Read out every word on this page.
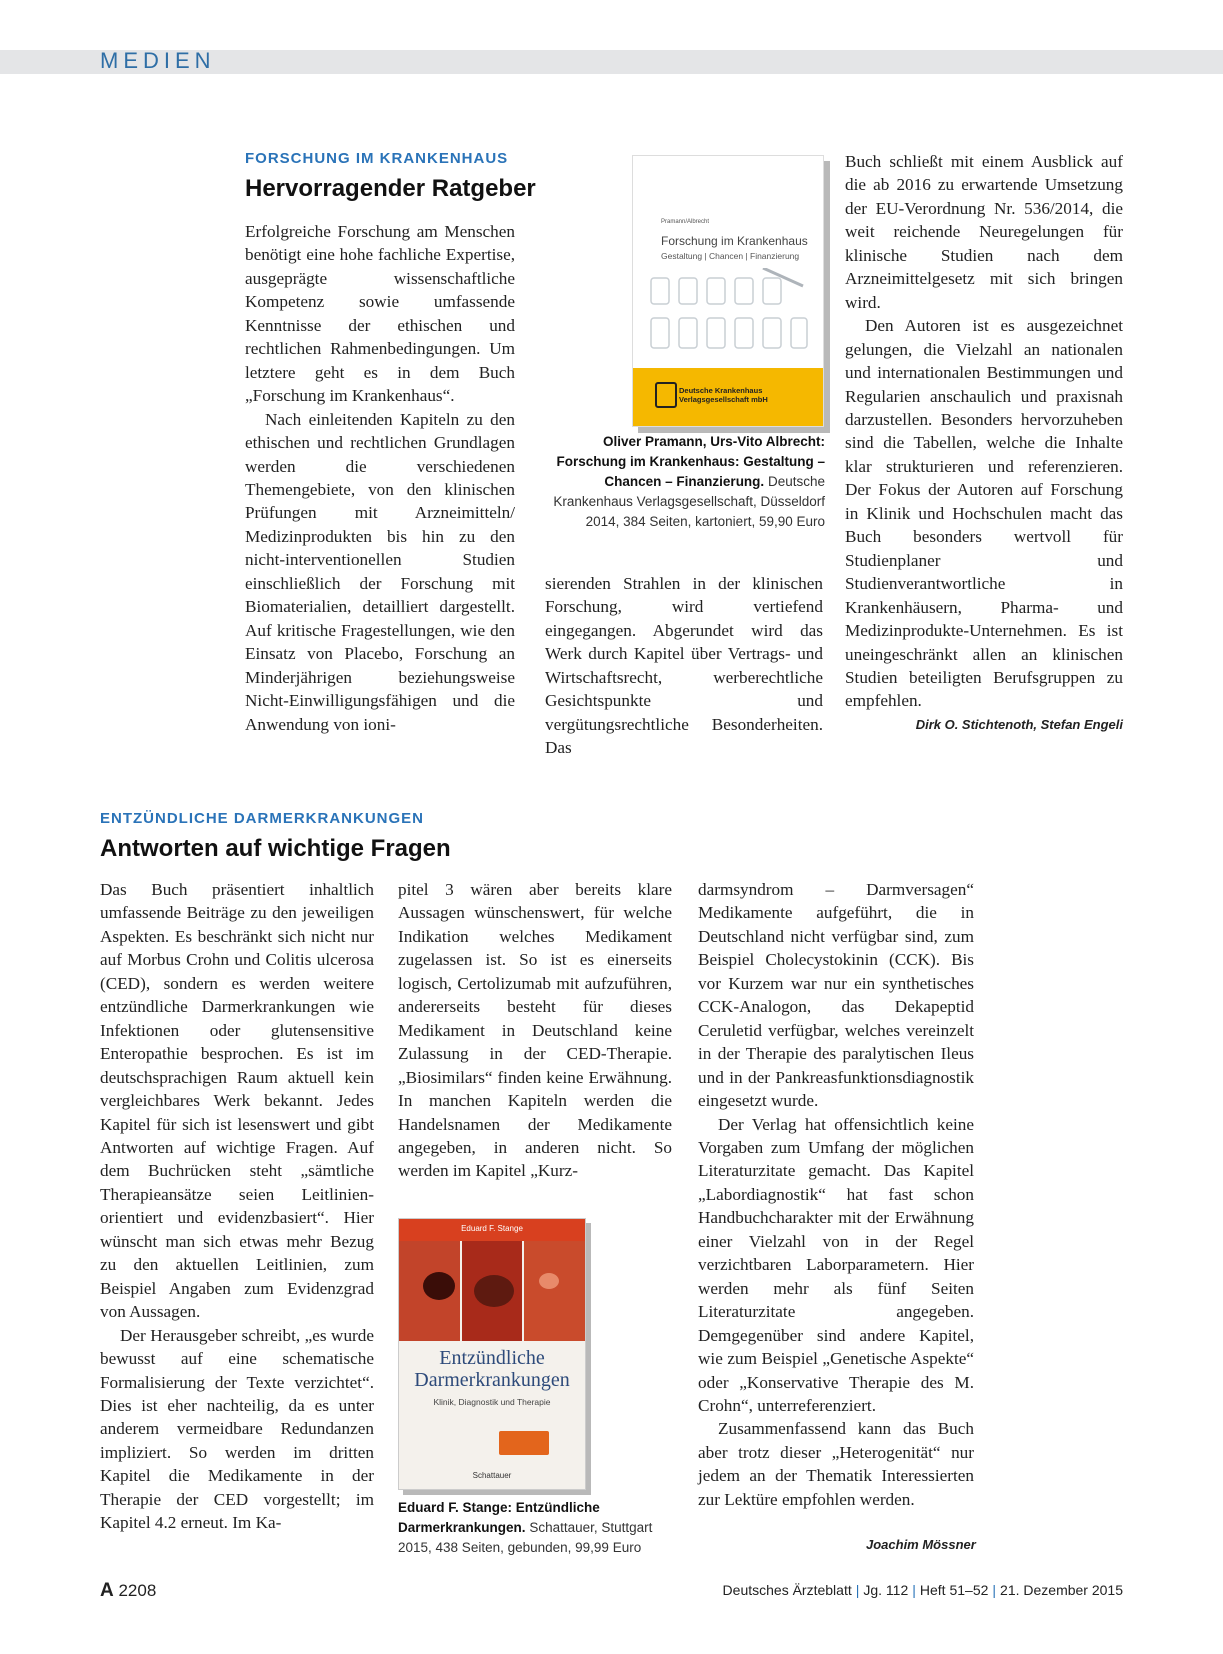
MEDIEN
FORSCHUNG IM KRANKENHAUS
Hervorragender Ratgeber

Erfolgreiche Forschung am Menschen benötigt eine hohe fachliche Expertise, ausgeprägte wissenschaftliche Kompetenz sowie umfassende Kenntnisse der ethischen und rechtlichen Rahmenbedingungen. Um letztere geht es in dem Buch „Forschung im Krankenhaus“.

Nach einleitenden Kapiteln zu den ethischen und rechtlichen Grundlagen werden die verschiedenen Themengebiete, von den klinischen Prüfungen mit Arzneimitteln/ Medizinprodukten bis hin zu den nicht-interventionellen Studien einschließlich der Forschung mit Biomaterialien, detailliert dargestellt. Auf kritische Fragestellungen, wie den Einsatz von Placebo, Forschung an Minderjährigen beziehungsweise Nicht-Einwilligungsfähigen und die Anwendung von ioni-

Pramann/Albrecht
Forschung im Krankenhaus
Gestaltung | Chancen | Finanzierung
Deutsche Krankenhaus Verlagsgesellschaft mbH
Oliver Pramann, Urs-Vito Albrecht: Forschung im Krankenhaus: Gestaltung – Chancen – Finanzierung. Deutsche Krankenhaus Verlagsgesellschaft, Düsseldorf 2014, 384 Seiten, kartoniert, 59,90 Euro

sierenden Strahlen in der klinischen Forschung, wird vertiefend eingegangen. Abgerundet wird das Werk durch Kapitel über Vertrags- und Wirtschaftsrecht, werberechtliche Gesichtspunkte und vergütungsrechtliche Besonderheiten. Das

Buch schließt mit einem Ausblick auf die ab 2016 zu erwartende Umsetzung der EU-Verordnung Nr. 536/2014, die weit reichende Neuregelungen für klinische Studien nach dem Arzneimittelgesetz mit sich bringen wird.

Den Autoren ist es ausgezeichnet gelungen, die Vielzahl an nationalen und internationalen Bestimmungen und Regularien anschaulich und praxisnah darzustellen. Besonders hervorzuheben sind die Tabellen, welche die Inhalte klar strukturieren und referenzieren. Der Fokus der Autoren auf Forschung in Klinik und Hochschulen macht das Buch besonders wertvoll für Studienplaner und Studienverantwortliche in Krankenhäusern, Pharma- und Medizinprodukte-Unternehmen. Es ist uneingeschränkt allen an klinischen Studien beteiligten Berufsgruppen zu empfehlen.

Dirk O. Stichtenoth, Stefan Engeli
ENTZÜNDLICHE DARMERKRANKUNGEN
Antworten auf wichtige Fragen

Das Buch präsentiert inhaltlich umfassende Beiträge zu den jeweiligen Aspekten. Es beschränkt sich nicht nur auf Morbus Crohn und Colitis ulcerosa (CED), sondern es werden weitere entzündliche Darmerkrankungen wie Infektionen oder glutensensitive Enteropathie besprochen. Es ist im deutschsprachigen Raum aktuell kein vergleichbares Werk bekannt. Jedes Kapitel für sich ist lesenswert und gibt Antworten auf wichtige Fragen. Auf dem Buchrücken steht „sämtliche Therapieansätze seien Leitlinien-orientiert und evidenzbasiert“. Hier wünscht man sich etwas mehr Bezug zu den aktuellen Leitlinien, zum Beispiel Angaben zum Evidenzgrad von Aussagen.

Der Herausgeber schreibt, „es wurde bewusst auf eine schematische Formalisierung der Texte verzichtet“. Dies ist eher nachteilig, da es unter anderem vermeidbare Redundanzen impliziert. So werden im dritten Kapitel die Medikamente in der Therapie der CED vorgestellt; im Kapitel 4.2 erneut. Im Ka-

pitel 3 wären aber bereits klare Aussagen wünschenswert, für welche Indikation welches Medikament zugelassen ist. So ist es einerseits logisch, Certolizumab mit aufzuführen, andererseits besteht für dieses Medikament in Deutschland keine Zulassung in der CED-Therapie. „Biosimilars“ finden keine Erwähnung. In manchen Kapiteln werden die Handelsnamen der Medikamente angegeben, in anderen nicht. So werden im Kapitel „Kurz-

Eduard F. Stange
Entzündliche Darmerkrankungen
Klinik, Diagnostik und Therapie
Schattauer
Eduard F. Stange: Entzündliche Darmerkrankungen. Schattauer, Stuttgart 2015, 438 Seiten, gebunden, 99,99 Euro

darmsyndrom – Darmversagen“ Medikamente aufgeführt, die in Deutschland nicht verfügbar sind, zum Beispiel Cholecystokinin (CCK). Bis vor Kurzem war nur ein synthetisches CCK-Analogon, das Dekapeptid Ceruletid verfügbar, welches vereinzelt in der Therapie des paralytischen Ileus und in der Pankreasfunktionsdiagnostik eingesetzt wurde.

Der Verlag hat offensichtlich keine Vorgaben zum Umfang der möglichen Literaturzitate gemacht. Das Kapitel „Labordiagnostik“ hat fast schon Handbuchcharakter mit der Erwähnung einer Vielzahl von in der Regel verzichtbaren Laborparametern. Hier werden mehr als fünf Seiten Literaturzitate angegeben. Demgegenüber sind andere Kapitel, wie zum Beispiel „Genetische Aspekte“ oder „Konservative Therapie des M. Crohn“, unterreferenziert.

Zusammenfassend kann das Buch aber trotz dieser „Heterogenität“ nur jedem an der Thematik Interessierten zur Lektüre empfohlen werden.

Joachim Mössner
A 2208	Deutsches Ärzteblatt | Jg. 112 | Heft 51–52 | 21. Dezember 2015
